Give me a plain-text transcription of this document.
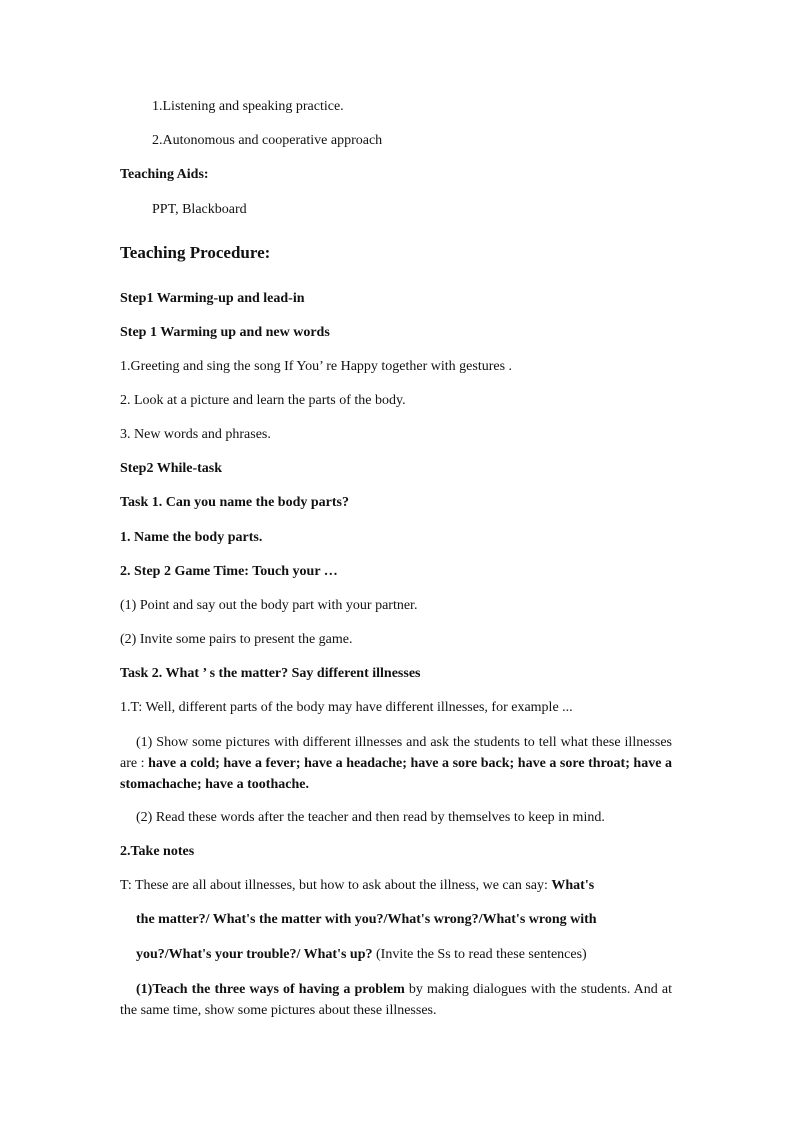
1.Listening and speaking practice.
2.Autonomous and cooperative approach
Teaching Aids:
PPT, Blackboard
Teaching Procedure:
Step1 Warming-up and lead-in
Step 1 Warming up and new words
1.Greeting and sing the song If You’ re Happy together with gestures .
2. Look at a picture and learn the parts of the body.
3. New words and phrases.
Step2 While-task
Task 1. Can you name the body parts?
1. Name the body parts.
2. Step 2 Game Time: Touch your …
(1) Point and say out the body part with your partner.
(2) Invite some pairs to present the game.
Task 2. What ’ s the matter? Say different illnesses
1.T: Well, different parts of the body may have different illnesses, for example ...
(1) Show some pictures with different illnesses and ask the students to tell what these illnesses are : have a cold; have a fever; have a headache; have a sore back; have a sore throat; have a stomachache; have a toothache.
(2) Read these words after the teacher and then read by themselves to keep in mind.
2.Take notes
T: These are all about illnesses, but how to ask about the illness, we can say: What's
the matter?/ What's the matter with you?/What's wrong?/What's wrong with
you?/What's your trouble?/ What's up? (Invite the Ss to read these sentences)
(1)Teach the three ways of having a problem by making dialogues with the students. And at the same time, show some pictures about these illnesses.
